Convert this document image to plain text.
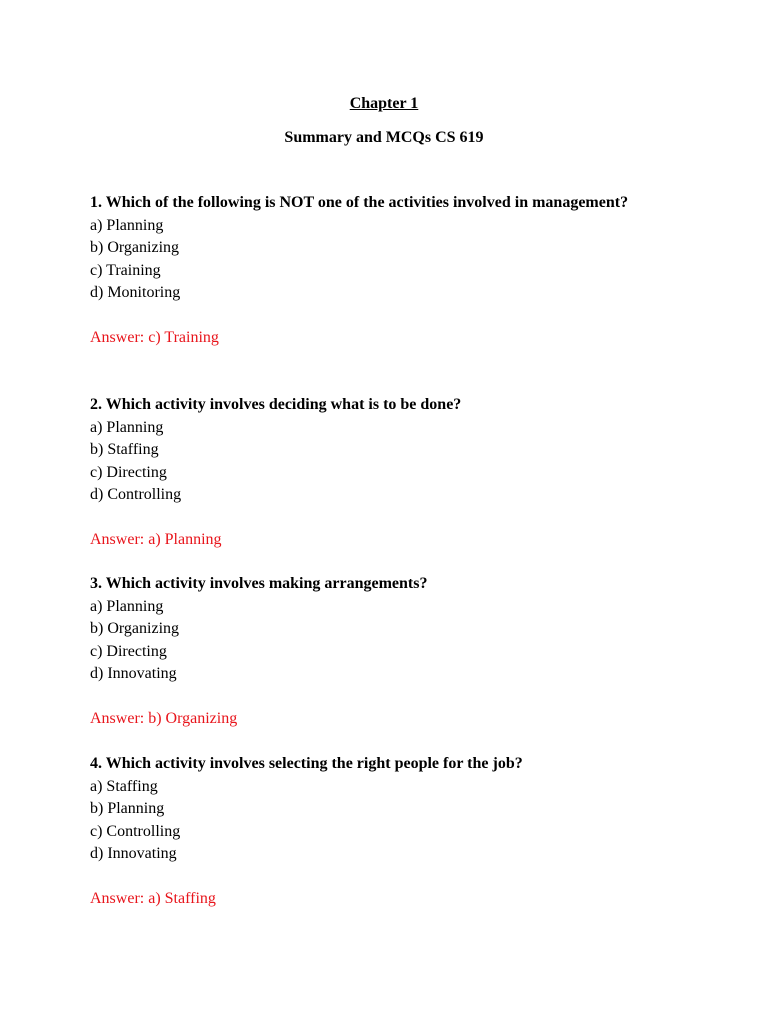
Chapter 1

Summary and MCQs CS 619

1. Which of the following is NOT one of the activities involved in management?

a) Planning

b) Organizing

c) Training

d) Monitoring

Answer: c) Training

2. Which activity involves deciding what is to be done?

a) Planning

b) Staffing

c) Directing

d) Controlling

Answer: a) Planning

3. Which activity involves making arrangements?

a) Planning

b) Organizing

c) Directing

d) Innovating

Answer: b) Organizing

4. Which activity involves selecting the right people for the job?

a) Staffing

b) Planning

c) Controlling

d) Innovating

Answer: a) Staffing
